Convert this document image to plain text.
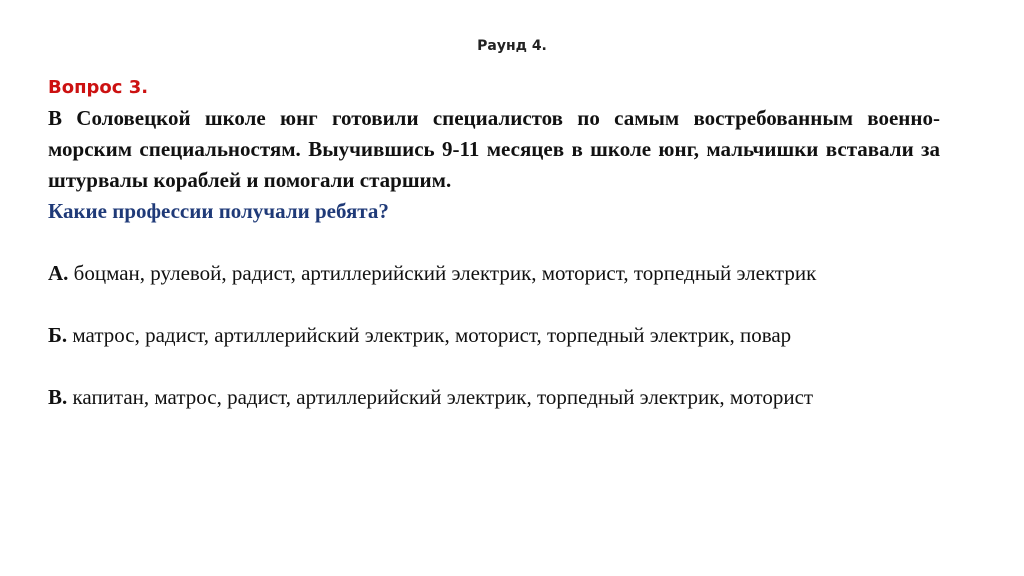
Раунд 4.
Вопрос 3.

В Соловецкой школе юнг готовили специалистов по самым востребованным военно-морским специальностям. Выучившись 9-11 месяцев в школе юнг, мальчишки вставали за штурвалы кораблей и помогали старшим.

Какие профессии получали ребята?

А. боцман, рулевой, радист, артиллерийский электрик, моторист, торпедный электрик

Б. матрос, радист, артиллерийский электрик, моторист, торпедный электрик, повар

В. капитан, матрос, радист, артиллерийский электрик, торпедный электрик, моторист
